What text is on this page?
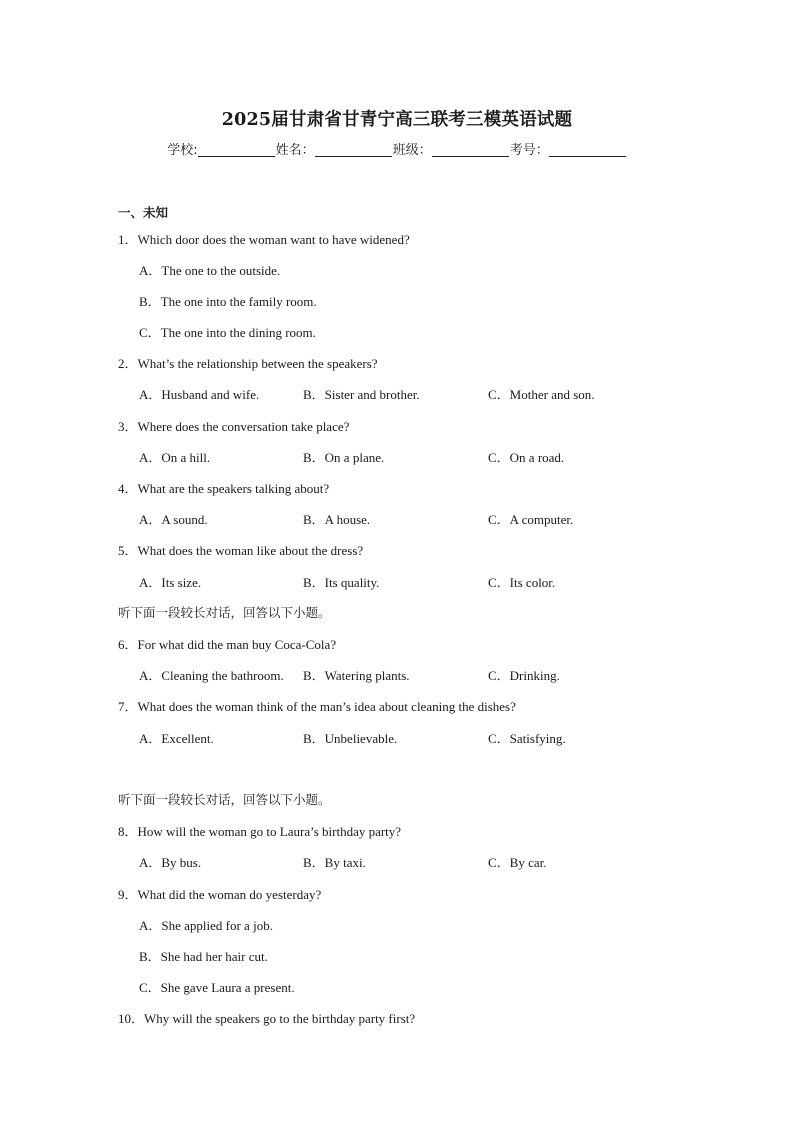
2025届甘肃省甘青宁高三联考三模英语试题
学校:	姓名：	班级：	考号：
一、未知
1．Which door does the woman want to have widened?
A．The one to the outside.
B．The one into the family room.
C．The one into the dining room.
2．What’s the relationship between the speakers?
A．Husband and wife.	B．Sister and brother.	C．Mother and son.
3．Where does the conversation take place?
A．On a hill.	B．On a plane.	C．On a road.
4．What are the speakers talking about?
A．A sound.	B．A house.	C．A computer.
5．What does the woman like about the dress?
A．Its size.	B．Its quality.	C．Its color.
听下面一段较长对话，回答以下小题。
6．For what did the man buy Coca-Cola?
A．Cleaning the bathroom. B．Watering plants.	C．Drinking.
7．What does the woman think of the man’s idea about cleaning the dishes?
A．Excellent.	B．Unbelievable.	C．Satisfying.
听下面一段较长对话，回答以下小题。
8．How will the woman go to Laura’s birthday party?
A．By bus.	B．By taxi.	C．By car.
9．What did the woman do yesterday?
A．She applied for a job.
B．She had her hair cut.
C．She gave Laura a present.
10．Why will the speakers go to the birthday party first?
